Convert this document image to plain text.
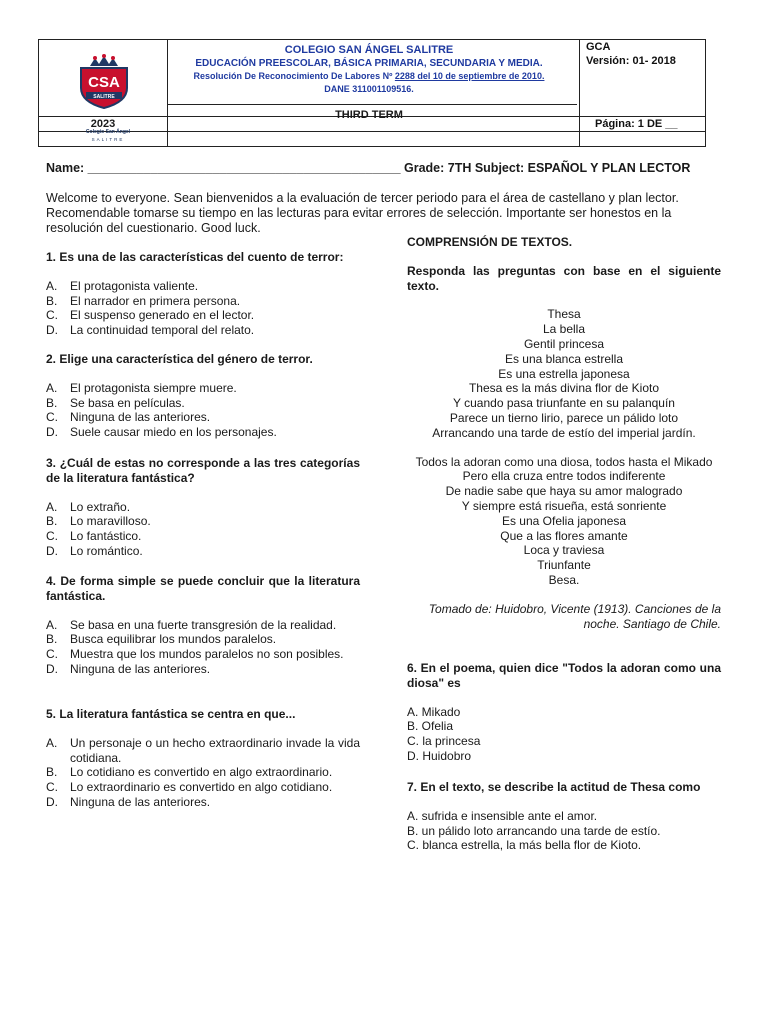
CSA
SALITRE
Colegio San Ángel
SALITRE
COLEGIO SAN ÁNGEL SALITRE
EDUCACIÓN PREESCOLAR, BÁSICA PRIMARIA, SECUNDARIA Y MEDIA.
Resolución De Reconocimiento De Labores Nº 2288 del 10 de septiembre de 2010.
DANE 311001109516.
GCA
Versión: 01- 2018
2023
THIRD TERM
Página: 1 DE __
Name: _____________________________________________ Grade: 7TH Subject: ESPAÑOL Y PLAN LECTOR
Welcome to everyone. Sean bienvenidos a la evaluación de tercer periodo para el área de castellano y plan lector. Recomendable tomarse su tiempo en las lecturas para evitar errores de selección. Importante ser honestos en la resolución del cuestionario. Good luck.
1. Es una de las características del cuento de terror:
A. El protagonista valiente.
B. El narrador en primera persona.
C. El suspenso generado en el lector.
D. La continuidad temporal del relato.
2. Elige una característica del género de terror.
A. El protagonista siempre muere.
B. Se basa en películas.
C. Ninguna de las anteriores.
D. Suele causar miedo en los personajes.
3. ¿Cuál de estas no corresponde a las tres categorías de la literatura fantástica?
A. Lo extraño.
B. Lo maravilloso.
C. Lo fantástico.
D. Lo romántico.
4. De forma simple se puede concluir que la literatura fantástica.
A. Se basa en una fuerte transgresión de la realidad.
B. Busca equilibrar los mundos paralelos.
C. Muestra que los mundos paralelos no son posibles.
D. Ninguna de las anteriores.
5. La literatura fantástica se centra en que...
A. Un personaje o un hecho extraordinario invade la vida cotidiana.
B. Lo cotidiano es convertido en algo extraordinario.
C. Lo extraordinario es convertido en algo cotidiano.
D. Ninguna de las anteriores.
COMPRENSIÓN DE TEXTOS.
Responda las preguntas con base en el siguiente texto.
Thesa
La bella
Gentil princesa
Es una blanca estrella
Es una estrella japonesa
Thesa es la más divina flor de Kioto
Y cuando pasa triunfante en su palanquín
Parece un tierno lirio, parece un pálido loto
Arrancando una tarde de estío del imperial jardín.
Todos la adoran como una diosa, todos hasta el Mikado
Pero ella cruza entre todos indiferente
De nadie sabe que haya su amor malogrado
Y siempre está risueña, está sonriente
Es una Ofelia japonesa
Que a las flores amante
Loca y traviesa
Triunfante
Besa.
Tomado de: Huidobro, Vicente (1913). Canciones de la noche. Santiago de Chile.
6. En el poema, quien dice "Todos la adoran como una diosa" es
A. Mikado
B. Ofelia
C. la princesa
D. Huidobro
7. En el texto, se describe la actitud de Thesa como
A. sufrida e insensible ante el amor.
B. un pálido loto arrancando una tarde de estío.
C. blanca estrella, la más bella flor de Kioto.
